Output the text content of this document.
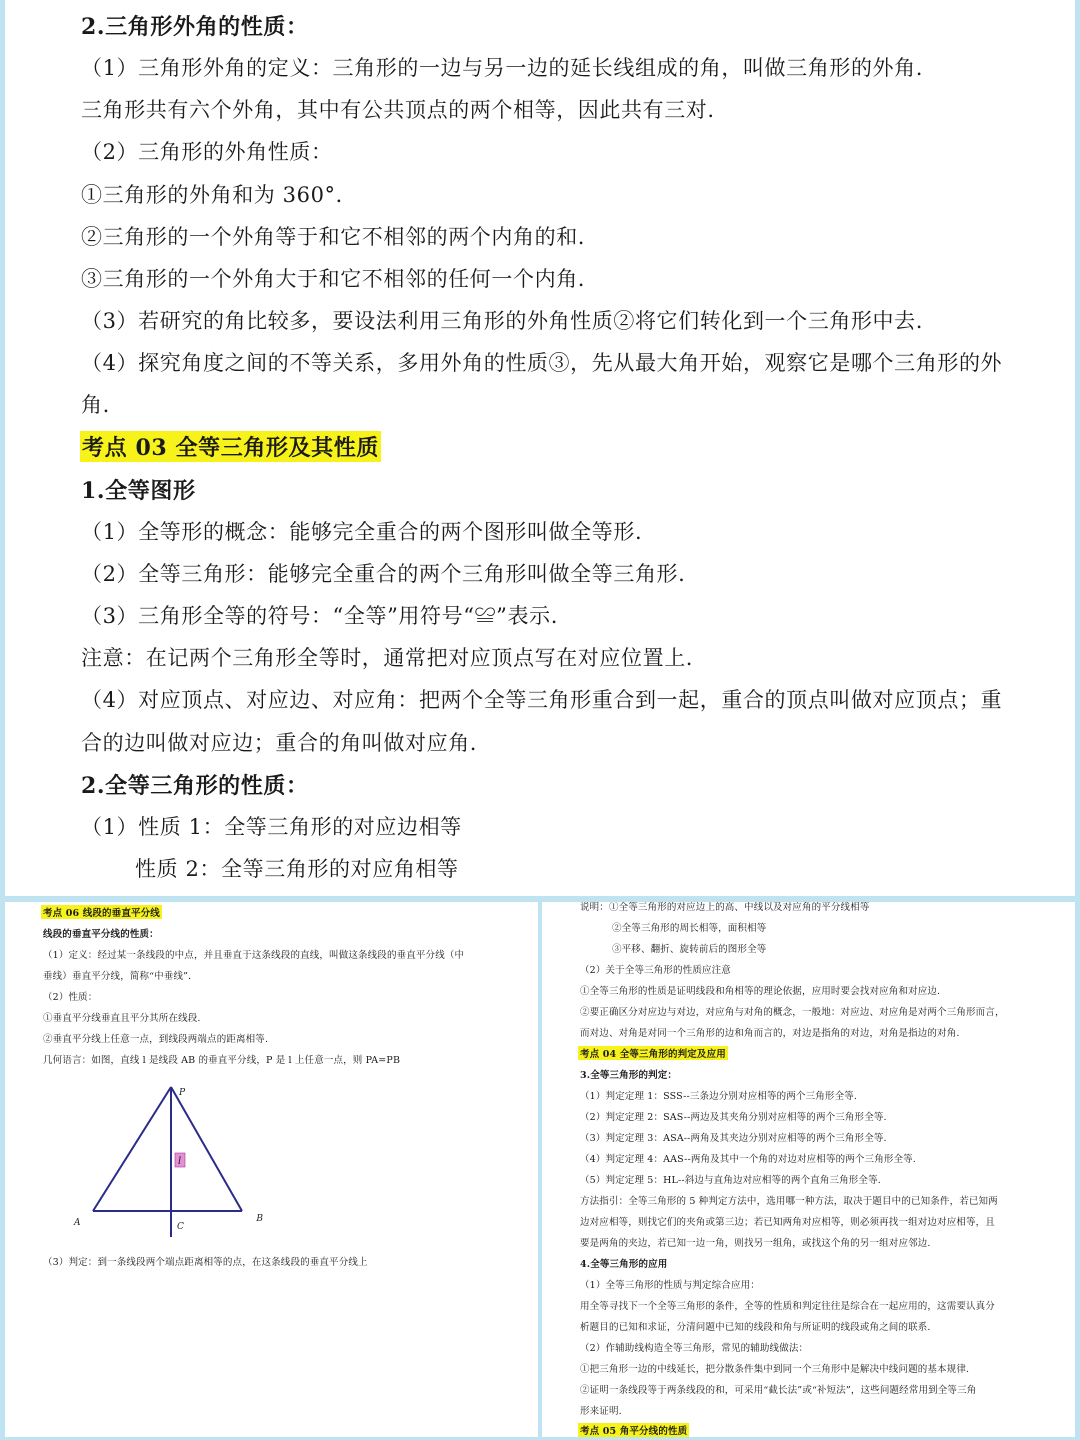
2.三角形外角的性质：
（1）三角形外角的定义：三角形的一边与另一边的延长线组成的角，叫做三角形的外角.
三角形共有六个外角，其中有公共顶点的两个相等，因此共有三对.
（2）三角形的外角性质：
①三角形的外角和为 360°．
②三角形的一个外角等于和它不相邻的两个内角的和.
③三角形的一个外角大于和它不相邻的任何一个内角.
（3）若研究的角比较多，要设法利用三角形的外角性质②将它们转化到一个三角形中去.
（4）探究角度之间的不等关系，多用外角的性质③，先从最大角开始，观察它是哪个三角形的外
角.
考点 03 全等三角形及其性质
1.全等图形
（1）全等形的概念：能够完全重合的两个图形叫做全等形.
（2）全等三角形：能够完全重合的两个三角形叫做全等三角形.
（3）三角形全等的符号：“全等”用符号“≌”表示.
注意：在记两个三角形全等时，通常把对应顶点写在对应位置上.
（4）对应顶点、对应边、对应角：把两个全等三角形重合到一起，重合的顶点叫做对应顶点；重
合的边叫做对应边；重合的角叫做对应角.
2.全等三角形的性质：
（1）性质 1：全等三角形的对应边相等
性质 2：全等三角形的对应角相等
考点 06 线段的垂直平分线
线段的垂直平分线的性质：
（1）定义：经过某一条线段的中点，并且垂直于这条线段的直线，叫做这条线段的垂直平分线（中
垂线）垂直平分线，简称“中垂线”．
（2）性质：
①垂直平分线垂直且平分其所在线段.
②垂直平分线上任意一点，到线段两端点的距离相等.
几何语言：如图，直线 l 是线段 AB 的垂直平分线，P 是 l 上任意一点，则 PA=PB
l
P
A	B
C
（3）判定：到一条线段两个端点距离相等的点，在这条线段的垂直平分线上
说明：①全等三角形的对应边上的高、中线以及对应角的平分线相等
②全等三角形的周长相等，面积相等
③平移、翻折、旋转前后的图形全等
（2）关于全等三角形的性质应注意
①全等三角形的性质是证明线段和角相等的理论依据，应用时要会找对应角和对应边.
②要正确区分对应边与对边，对应角与对角的概念，一般地：对应边、对应角是对两个三角形而言，
而对边、对角是对同一个三角形的边和角而言的，对边是指角的对边，对角是指边的对角.
考点 04 全等三角形的判定及应用
3.全等三角形的判定：
（1）判定定理 1：SSS--三条边分别对应相等的两个三角形全等.
（2）判定定理 2：SAS--两边及其夹角分别对应相等的两个三角形全等.
（3）判定定理 3：ASA--两角及其夹边分别对应相等的两个三角形全等.
（4）判定定理 4：AAS--两角及其中一个角的对边对应相等的两个三角形全等.
（5）判定定理 5：HL--斜边与直角边对应相等的两个直角三角形全等.
方法指引：全等三角形的 5 种判定方法中，选用哪一种方法，取决于题目中的已知条件，若已知两
边对应相等，则找它们的夹角或第三边；若已知两角对应相等，则必须再找一组对边对应相等，且
要是两角的夹边，若已知一边一角，则找另一组角，或找这个角的另一组对应邻边.
4.全等三角形的应用
（1）全等三角形的性质与判定综合应用：
用全等寻找下一个全等三角形的条件，全等的性质和判定往往是综合在一起应用的，这需要认真分
析题目的已知和求证，分清问题中已知的线段和角与所证明的线段或角之间的联系.
（2）作辅助线构造全等三角形，常见的辅助线做法：
①把三角形一边的中线延长，把分散条件集中到同一个三角形中是解决中线问题的基本规律.
②证明一条线段等于两条线段的和，可采用“截长法”或“补短法”，这些问题经常用到全等三角
形来证明.
考点 05 角平分线的性质
